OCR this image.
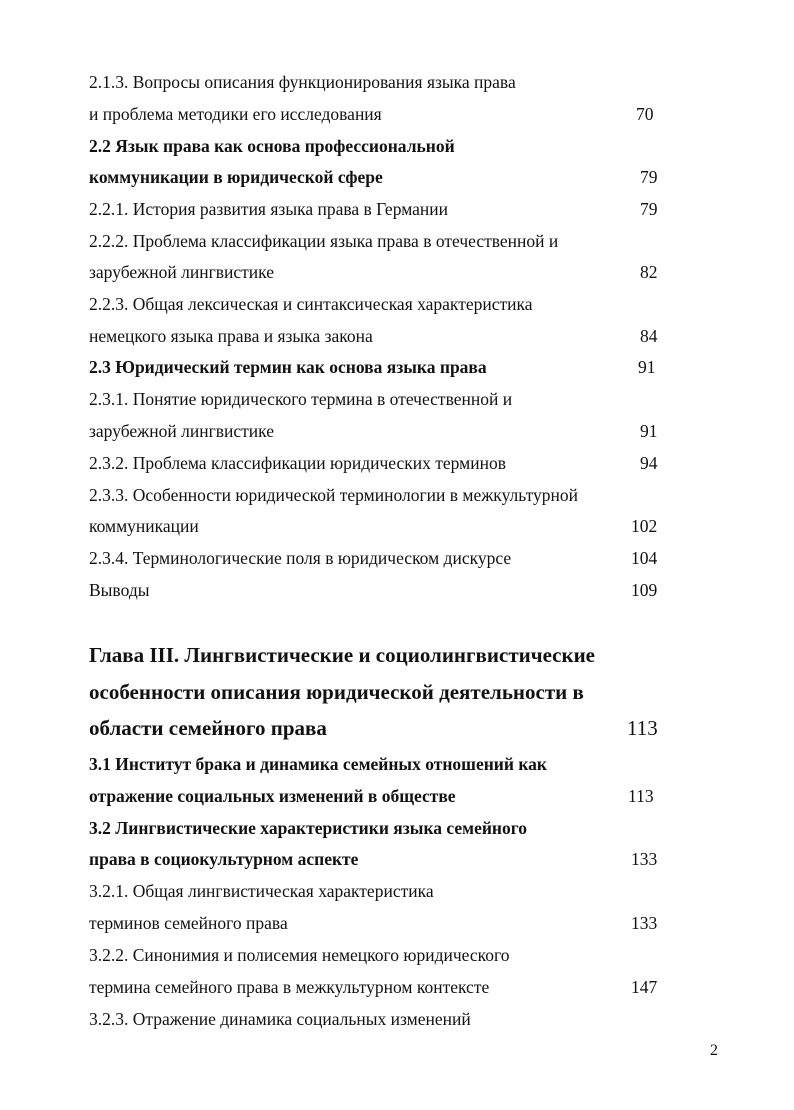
2.1.3. Вопросы описания функционирования языка права
и проблема методики его исследования	70
2.2 Язык права как основа профессиональной
коммуникации в юридической сфере	79
2.2.1. История развития языка права в Германии	79
2.2.2. Проблема классификации языка права в отечественной и
зарубежной лингвистике	82
2.2.3. Общая лексическая и синтаксическая характеристика
немецкого языка права и языка закона	84
2.3 Юридический термин как основа языка права	91
2.3.1. Понятие юридического термина в отечественной и
зарубежной лингвистике	91
2.3.2. Проблема классификации юридических терминов	94
2.3.3. Особенности юридической терминологии в межкультурной
коммуникации	102
2.3.4. Терминологические поля в юридическом дискурсе	104
Выводы	109
Глава III. Лингвистические и социолингвистические
особенности описания юридической деятельности в
области семейного права	113
3.1 Институт брака и динамика семейных отношений как
отражение социальных изменений в обществе	113
3.2 Лингвистические характеристики языка семейного
права в социокультурном аспекте	133
3.2.1. Общая лингвистическая характеристика
терминов семейного права	133
3.2.2. Синонимия и полисемия немецкого юридического
термина семейного права в межкультурном контексте	147
3.2.3. Отражение динамика социальных изменений
2
